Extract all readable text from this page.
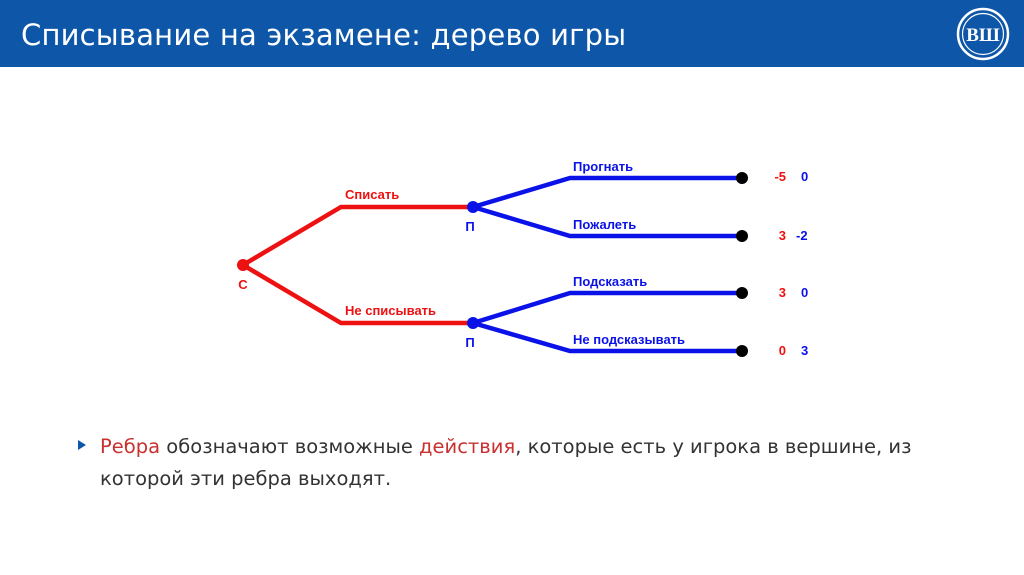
Списывание на экзамене: дерево игры	ВШ
С
П
П
Списать
Не списывать
Прогнать
Пожалеть
Подсказать
Не подсказывать
-5 0
3 -2
3 0
0 3
Ребра обозначают возможные действия, которые есть у игрока в вершине, из которой эти ребра выходят.
